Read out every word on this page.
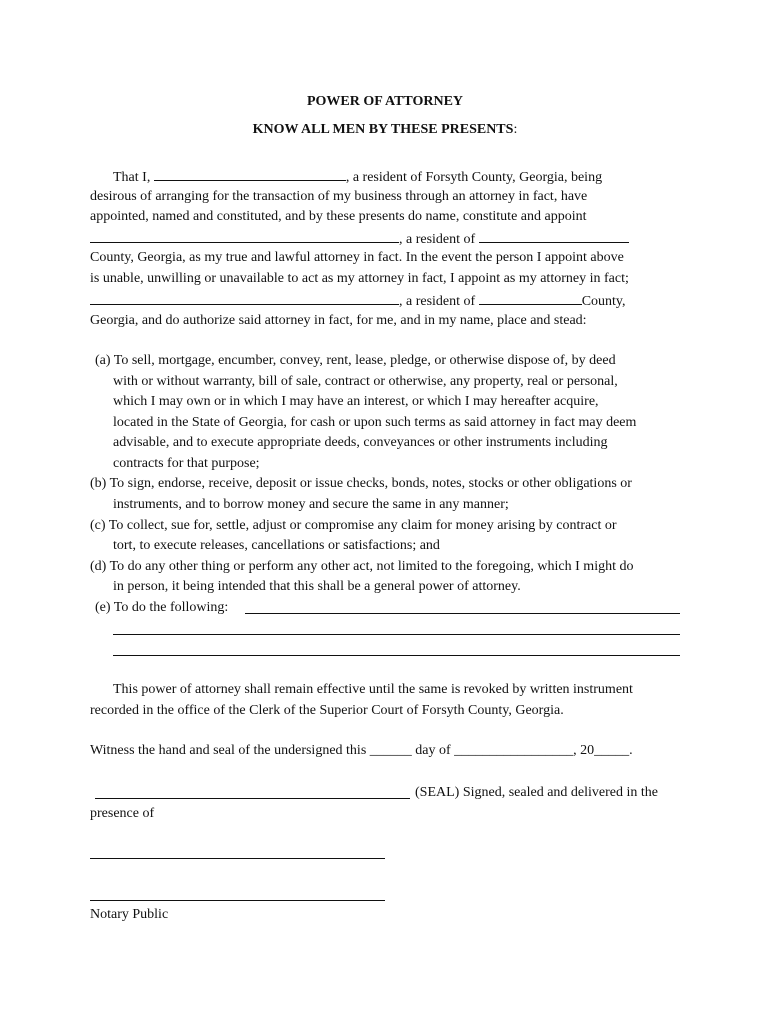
POWER OF ATTORNEY
KNOW ALL MEN BY THESE PRESENTS:
That I,	, a resident of Forsyth County, Georgia, being
desirous of arranging for the transaction of my business through an attorney in fact, have
appointed, named and constituted, and by these presents do name, constitute and appoint
, a resident of
County, Georgia, as my true and lawful attorney in fact. In the event the person I appoint above
is unable, unwilling or unavailable to act as my attorney in fact, I appoint as my attorney in fact;
, a resident of	County,
Georgia, and do authorize said attorney in fact, for me, and in my name, place and stead:
(a) To sell, mortgage, encumber, convey, rent, lease, pledge, or otherwise dispose of, by deed
with or without warranty, bill of sale, contract or otherwise, any property, real or personal,
which I may own or in which I may have an interest, or which I may hereafter acquire,
located in the State of Georgia, for cash or upon such terms as said attorney in fact may deem
advisable, and to execute appropriate deeds, conveyances or other instruments including
contracts for that purpose;
(b) To sign, endorse, receive, deposit or issue checks, bonds, notes, stocks or other obligations or
instruments, and to borrow money and secure the same in any manner;
(c) To collect, sue for, settle, adjust or compromise any claim for money arising by contract or
tort, to execute releases, cancellations or satisfactions; and
(d) To do any other thing or perform any other act, not limited to the foregoing, which I might do
in person, it being intended that this shall be a general power of attorney.
(e) To do the following:
This power of attorney shall remain effective until the same is revoked by written instrument
recorded in the office of the Clerk of the Superior Court of Forsyth County, Georgia.
Witness the hand and seal of the undersigned this ______ day of _________________, 20_____.
(SEAL) Signed, sealed and delivered in the
presence of
Notary Public
